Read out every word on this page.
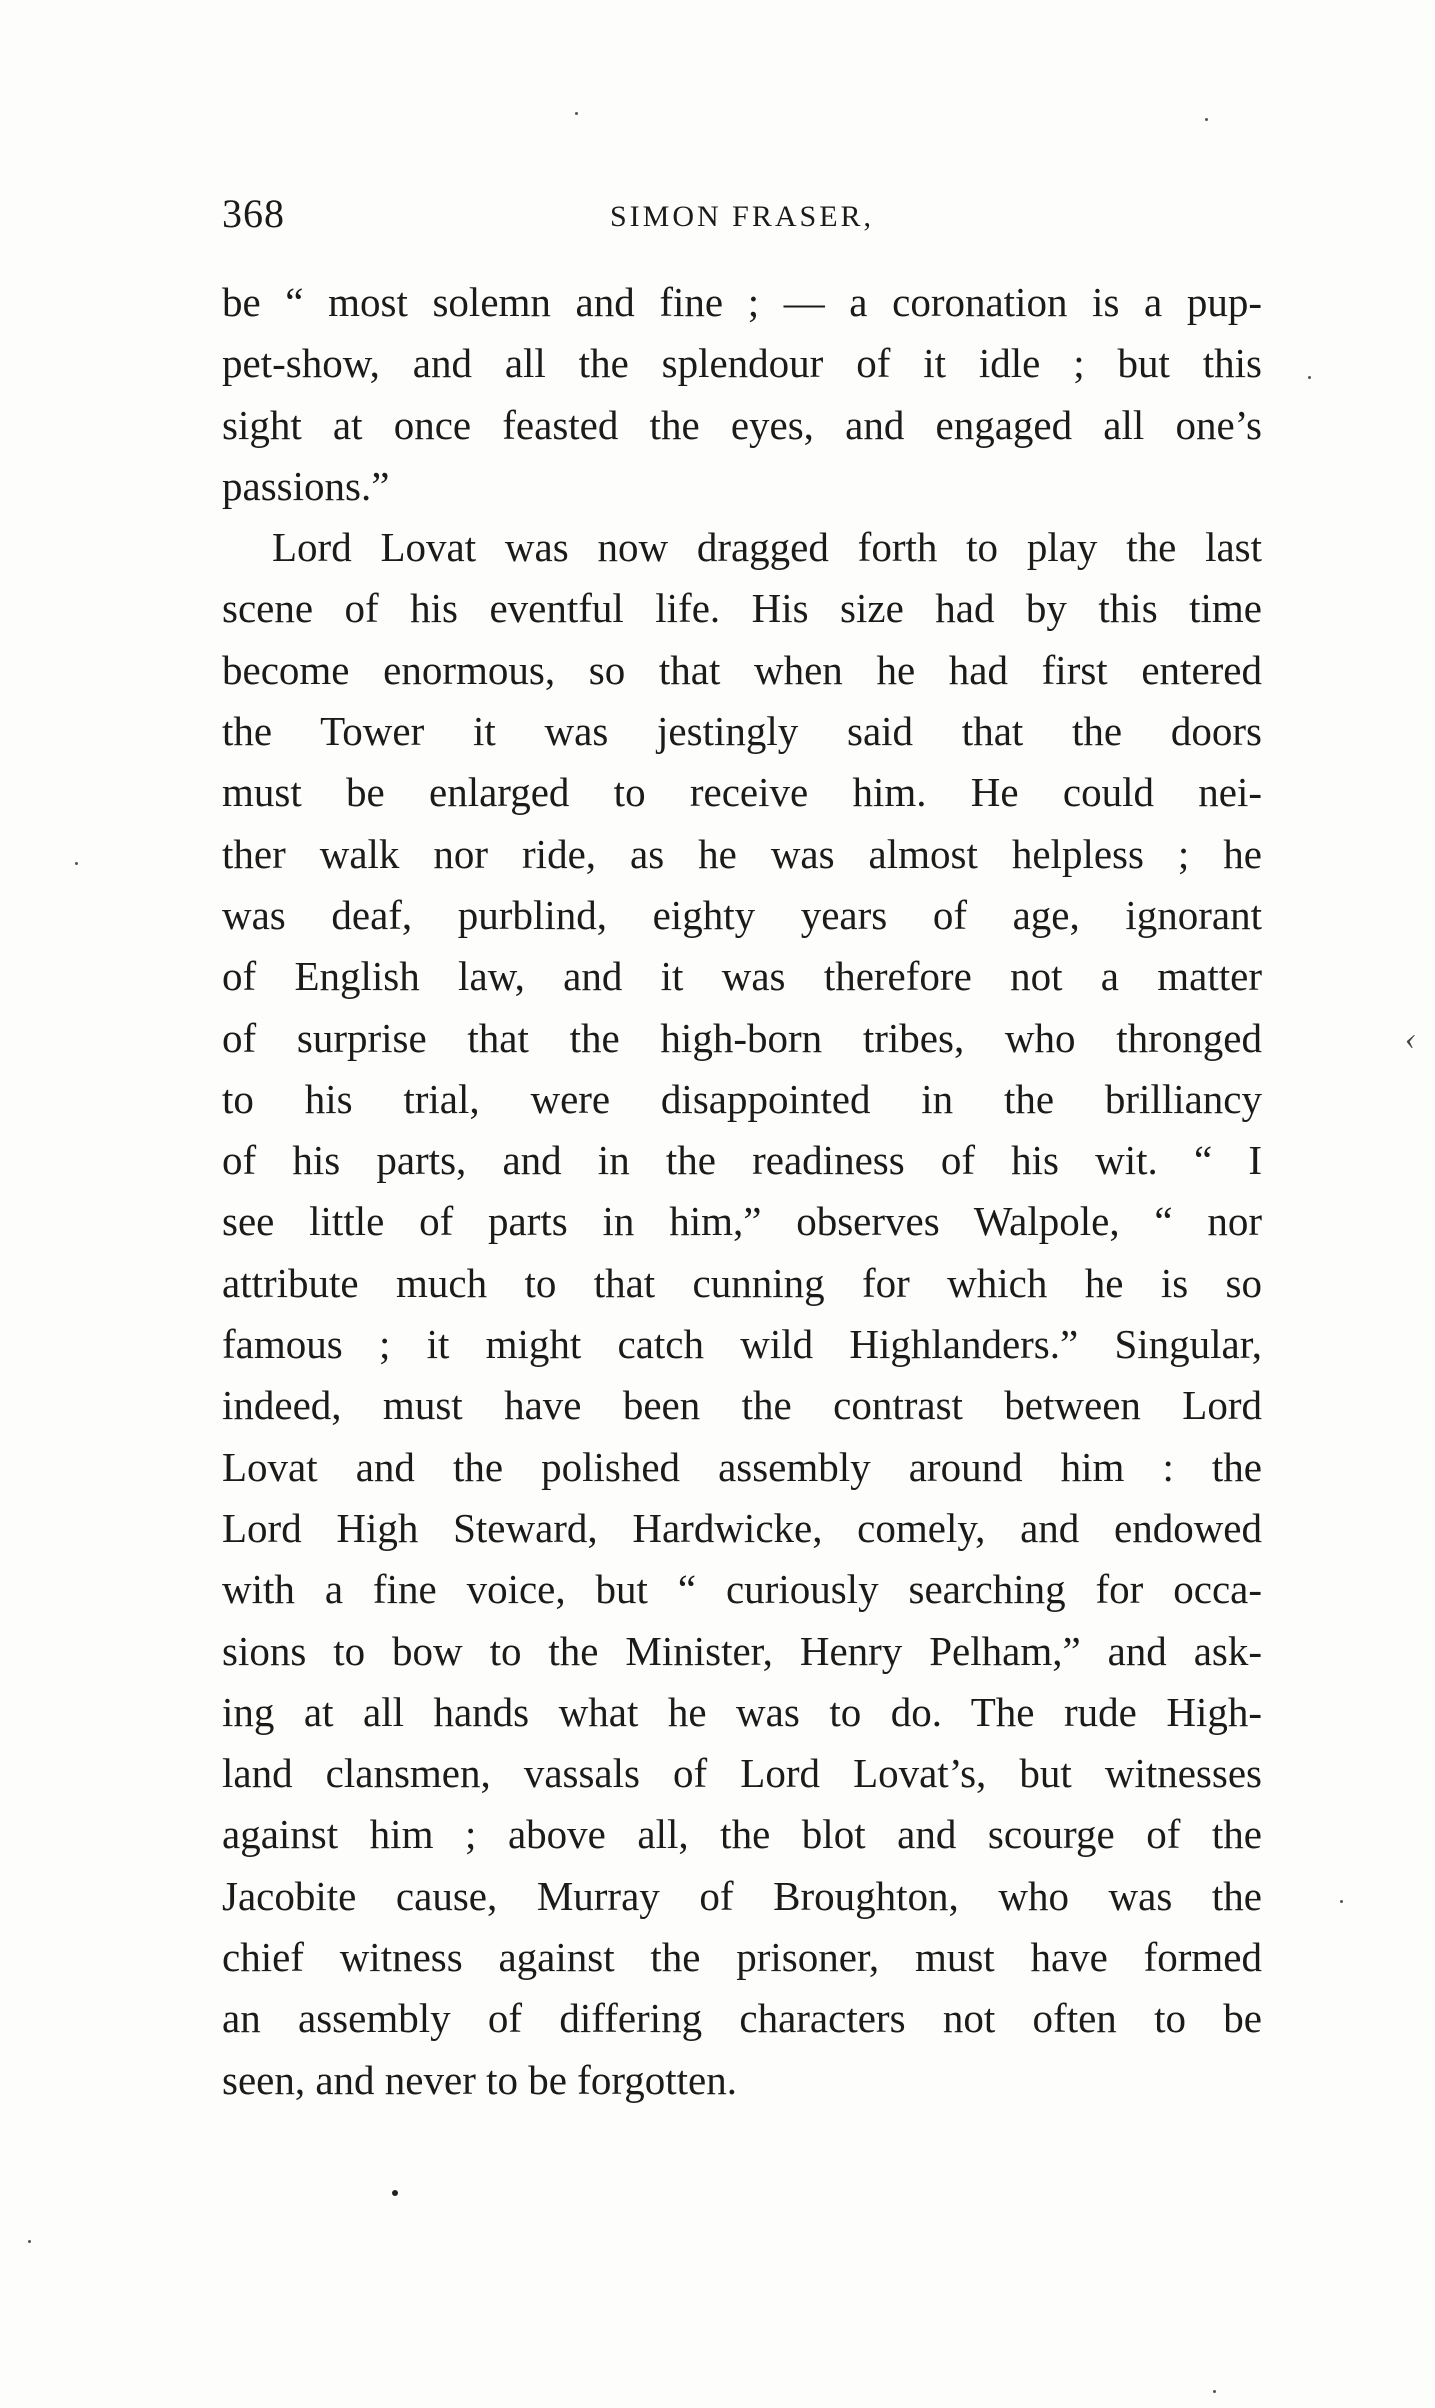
368	SIMON FRASER,
be “ most solemn and fine ; — a coronation is a pup-
pet-show, and all the splendour of it idle ; but this
sight at once feasted the eyes, and engaged all one’s
passions.”
Lord Lovat was now dragged forth to play the last
scene of his eventful life. His size had by this time
become enormous, so that when he had first entered
the Tower it was jestingly said that the doors
must be enlarged to receive him. He could nei-
ther walk nor ride, as he was almost helpless ; he
was deaf, purblind, eighty years of age, ignorant
of English law, and it was therefore not a matter
of surprise that the high-born tribes, who thronged
to his trial, were disappointed in the brilliancy
of his parts, and in the readiness of his wit. “ I
see little of parts in him,” observes Walpole, “ nor
attribute much to that cunning for which he is so
famous ; it might catch wild Highlanders.” Singular,
indeed, must have been the contrast between Lord
Lovat and the polished assembly around him : the
Lord High Steward, Hardwicke, comely, and endowed
with a fine voice, but “ curiously searching for occa-
sions to bow to the Minister, Henry Pelham,” and ask-
ing at all hands what he was to do. The rude High-
land clansmen, vassals of Lord Lovat’s, but witnesses
against him ; above all, the blot and scourge of the
Jacobite cause, Murray of Broughton, who was the
chief witness against the prisoner, must have formed
an assembly of differing characters not often to be
seen, and never to be forgotten.
‹
